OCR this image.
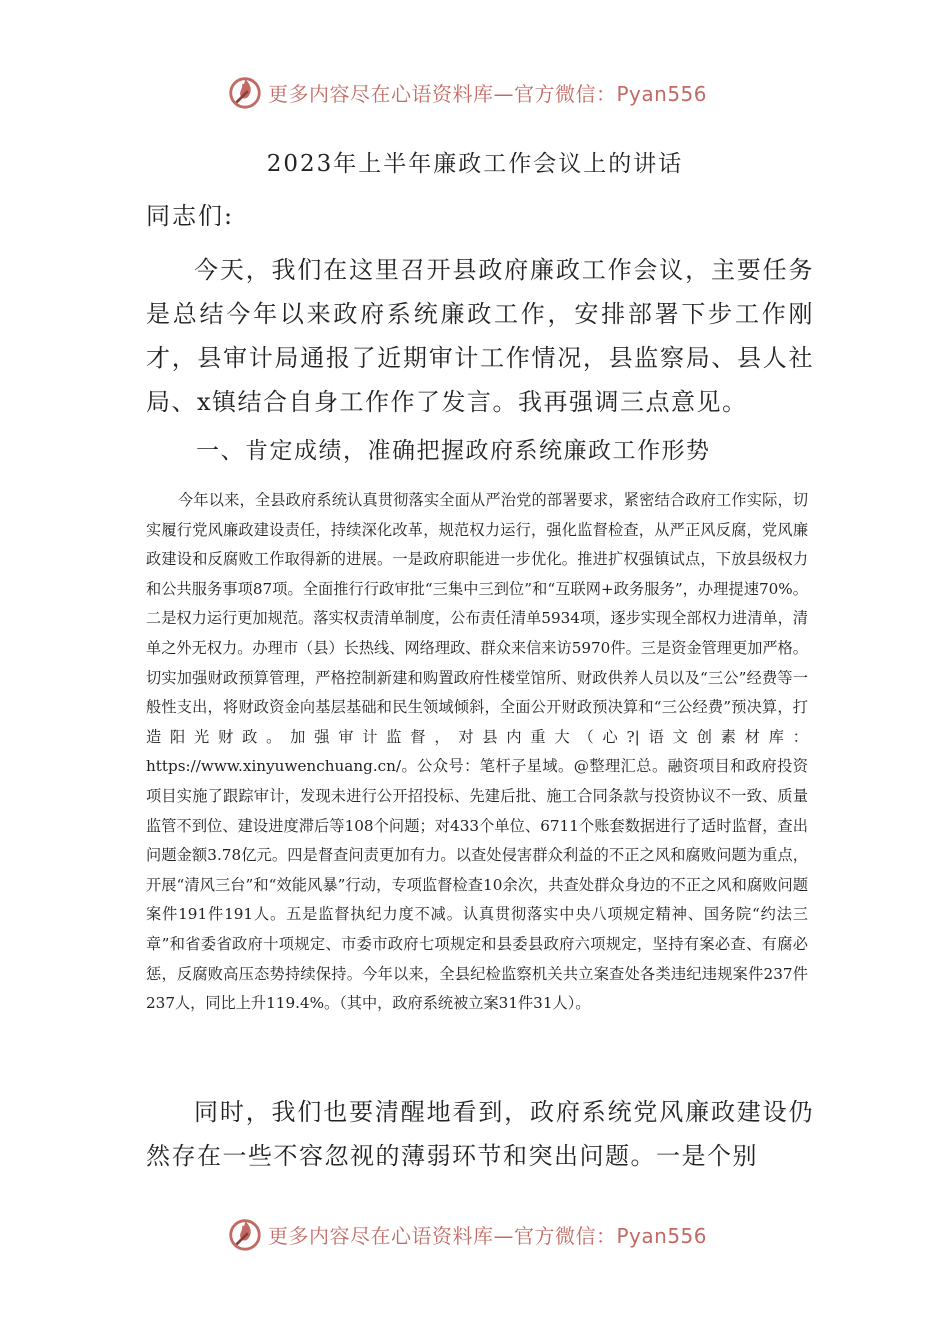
更多内容尽在心语资料库—官方微信：Pyan556
2023年上半年廉政工作会议上的讲话
同志们:

今天，我们在这里召开县政府廉政工作会议，主要任务是总结今年以来政府系统廉政工作，安排部署下步工作刚才，县审计局通报了近期审计工作情况，县监察局、县人社局、x镇结合自身工作作了发言。我再强调三点意见。

一、肯定成绩，准确把握政府系统廉政工作形势

今年以来，全县政府系统认真贯彻落实全面从严治党的部署要求，紧密结合政府工作实际，切实履行党风廉政建设责任，持续深化改革，规范权力运行，强化监督检查，从严正风反腐，党风廉政建设和反腐败工作取得新的进展。一是政府职能进一步优化。推进扩权强镇试点，下放县级权力和公共服务事项87项。全面推行行政审批“三集中三到位”和“互联网+政务服务”，办理提速70%。二是权力运行更加规范。落实权责清单制度，公布责任清单5934项，逐步实现全部权力进清单，清单之外无权力。办理市（县）长热线、网络理政、群众来信来访5970件。三是资金管理更加严格。切实加强财政预算管理，严格控制新建和购置政府性楼堂馆所、财政供养人员以及“三公”经费等一般性支出，将财政资金向基层基础和民生领域倾斜，全面公开财政预决算和“三公经费”预决算，打造阳光财政。加强审计监督，对县内重大（心?|语文创素材库：https://www.xinyuwenchuang.cn/。公众号：笔杆子星域。@整理汇总。融资项目和政府投资项目实施了跟踪审计，发现未进行公开招投标、先建后批、施工合同条款与投资协议不一致、质量监管不到位、建设进度滞后等108个问题；对433个单位、6711个账套数据进行了适时监督，查出问题金额3.78亿元。四是督查问责更加有力。以查处侵害群众利益的不正之风和腐败问题为重点，开展“清风三台”和“效能风暴”行动，专项监督检查10余次，共查处群众身边的不正之风和腐败问题案件191件191人。五是监督执纪力度不减。认真贯彻落实中央八项规定精神、国务院“约法三章”和省委省政府十项规定、市委市政府七项规定和县委县政府六项规定，坚持有案必查、有腐必惩，反腐败高压态势持续保持。今年以来，全县纪检监察机关共立案查处各类违纪违规案件237件237人，同比上升119.4%。（其中，政府系统被立案31件31人）。

同时，我们也要清醒地看到，政府系统党风廉政建设仍然存在一些不容忽视的薄弱环节和突出问题。一是个别

更多内容尽在心语资料库—官方微信：Pyan556
